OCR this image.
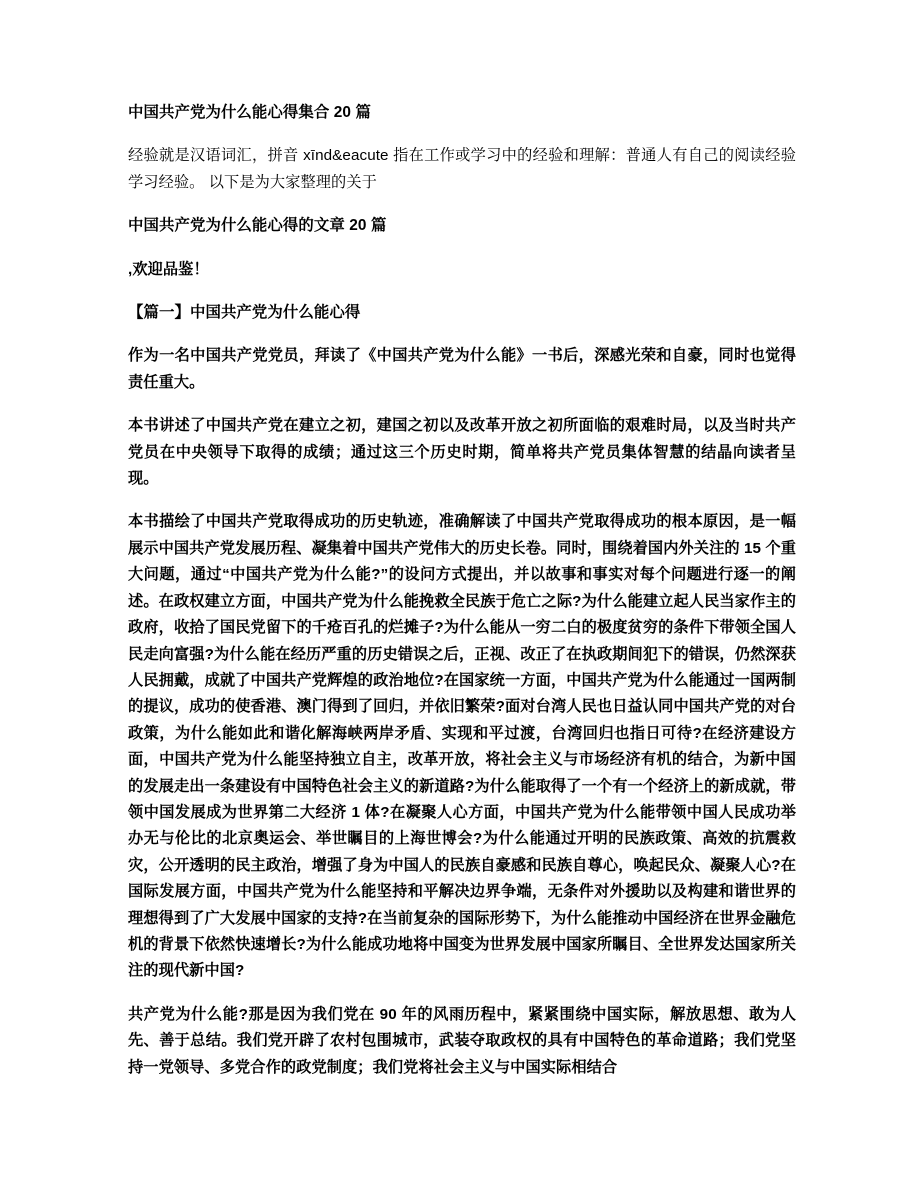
中国共产党为什么能心得集合 20 篇

经验就是汉语词汇，拼音 xīnd&eacute 指在工作或学习中的经验和理解：普通人有自己的阅读经验学习经验。 以下是为大家整理的关于

中国共产党为什么能心得的文章 20 篇

,欢迎品鉴！

【篇一】中国共产党为什么能心得

作为一名中国共产党党员，拜读了《中国共产党为什么能》一书后，深感光荣和自豪，同时也觉得责任重大。

本书讲述了中国共产党在建立之初，建国之初以及改革开放之初所面临的艰难时局，以及当时共产党员在中央领导下取得的成绩；通过这三个历史时期，简单将共产党员集体智慧的结晶向读者呈现。

本书描绘了中国共产党取得成功的历史轨迹，准确解读了中国共产党取得成功的根本原因，是一幅展示中国共产党发展历程、凝集着中国共产党伟大的历史长卷。同时，围绕着国内外关注的 15 个重大问题，通过“中国共产党为什么能?”的设问方式提出，并以故事和事实对每个问题进行逐一的阐述。在政权建立方面，中国共产党为什么能挽救全民族于危亡之际?为什么能建立起人民当家作主的政府，收拾了国民党留下的千疮百孔的烂摊子?为什么能从一穷二白的极度贫穷的条件下带领全国人民走向富强?为什么能在经历严重的历史错误之后，正视、改正了在执政期间犯下的错误，仍然深获人民拥戴，成就了中国共产党辉煌的政治地位?在国家统一方面，中国共产党为什么能通过一国两制的提议，成功的使香港、澳门得到了回归，并依旧繁荣?面对台湾人民也日益认同中国共产党的对台政策，为什么能如此和谐化解海峡两岸矛盾、实现和平过渡，台湾回归也指日可待?在经济建设方面，中国共产党为什么能坚持独立自主，改革开放，将社会主义与市场经济有机的结合，为新中国的发展走出一条建设有中国特色社会主义的新道路?为什么能取得了一个有一个经济上的新成就，带领中国发展成为世界第二大经济 1 体?在凝聚人心方面，中国共产党为什么能带领中国人民成功举办无与伦比的北京奥运会、举世瞩目的上海世博会?为什么能通过开明的民族政策、高效的抗震救灾，公开透明的民主政治，增强了身为中国人的民族自豪感和民族自尊心，唤起民众、凝聚人心?在国际发展方面，中国共产党为什么能坚持和平解决边界争端，无条件对外援助以及构建和谐世界的理想得到了广大发展中国家的支持?在当前复杂的国际形势下，为什么能推动中国经济在世界金融危机的背景下依然快速增长?为什么能成功地将中国变为世界发展中国家所瞩目、全世界发达国家所关注的现代新中国?

共产党为什么能?那是因为我们党在 90 年的风雨历程中，紧紧围绕中国实际，解放思想、敢为人先、善于总结。我们党开辟了农村包围城市，武装夺取政权的具有中国特色的革命道路；我们党坚持一党领导、多党合作的政党制度；我们党将社会主义与中国实际相结合
